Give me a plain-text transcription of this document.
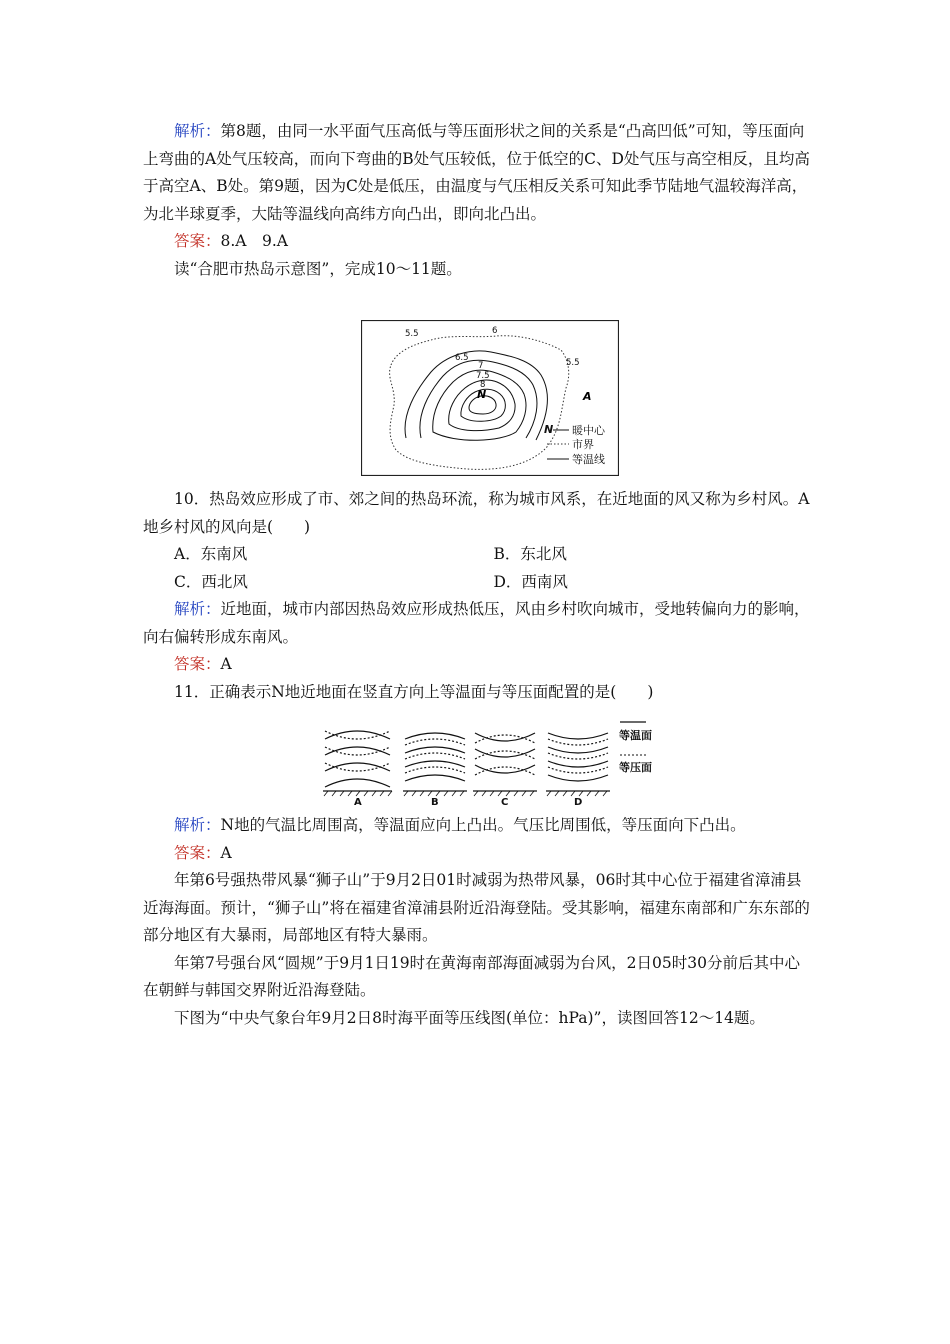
解析：第8题，由同一水平面气压高低与等压面形状之间的关系是“凸高凹低”可知，等压面向上弯曲的A处气压较高，而向下弯曲的B处气压较低，位于低空的C、D处气压与高空相反，且均高于高空A、B处。第9题，因为C处是低压，由温度与气压相反关系可知此季节陆地气温较海洋高，为北半球夏季，大陆等温线向高纬方向凸出，即向北凸出。

答案：8.A　9.A

读“合肥市热岛示意图”，完成10～11题。

5.5	6
6.5
7
7.5
8
5.5
N	A
N 暖中心
市界
等温线

10．热岛效应形成了市、郊之间的热岛环流，称为城市风系，在近地面的风又称为乡村风。A地乡村风的风向是(　　)

A．东南风	B．东北风
C．西北风	D．西南风

解析：近地面，城市内部因热岛效应形成热低压，风由乡村吹向城市，受地转偏向力的影响，向右偏转形成东南风。

答案：A

11．正确表示N地近地面在竖直方向上等温面与等压面配置的是(　　)

A	B	C	D
等温面
等压面

解析：N地的气温比周围高，等温面应向上凸出。气压比周围低，等压面向下凸出。

答案：A

年第6号强热带风暴“狮子山”于9月2日01时减弱为热带风暴，06时其中心位于福建省漳浦县近海海面。预计，“狮子山”将在福建省漳浦县附近沿海登陆。受其影响，福建东南部和广东东部的部分地区有大暴雨，局部地区有特大暴雨。

年第7号强台风“圆规”于9月1日19时在黄海南部海面减弱为台风，2日05时30分前后其中心在朝鲜与韩国交界附近沿海登陆。

下图为“中央气象台年9月2日8时海平面等压线图(单位：hPa)”，读图回答12～14题。
